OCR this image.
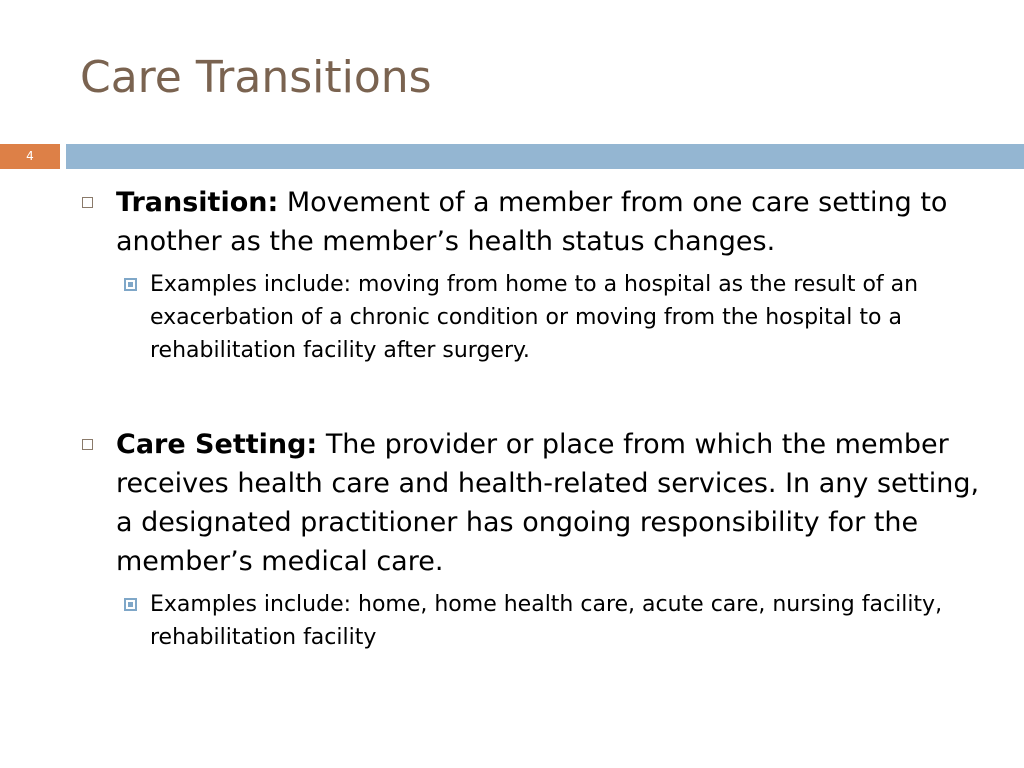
Care Transitions
4
Transition: Movement of a member from one care setting to another as the member’s health status changes.
Examples include: moving from home to a hospital as the result of an exacerbation of a chronic condition or moving from the hospital to a rehabilitation facility after surgery.
Care Setting: The provider or place from which the member receives health care and health-related services. In any setting, a designated practitioner has ongoing responsibility for the member’s medical care.
Examples include: home, home health care, acute care, nursing facility, rehabilitation facility
